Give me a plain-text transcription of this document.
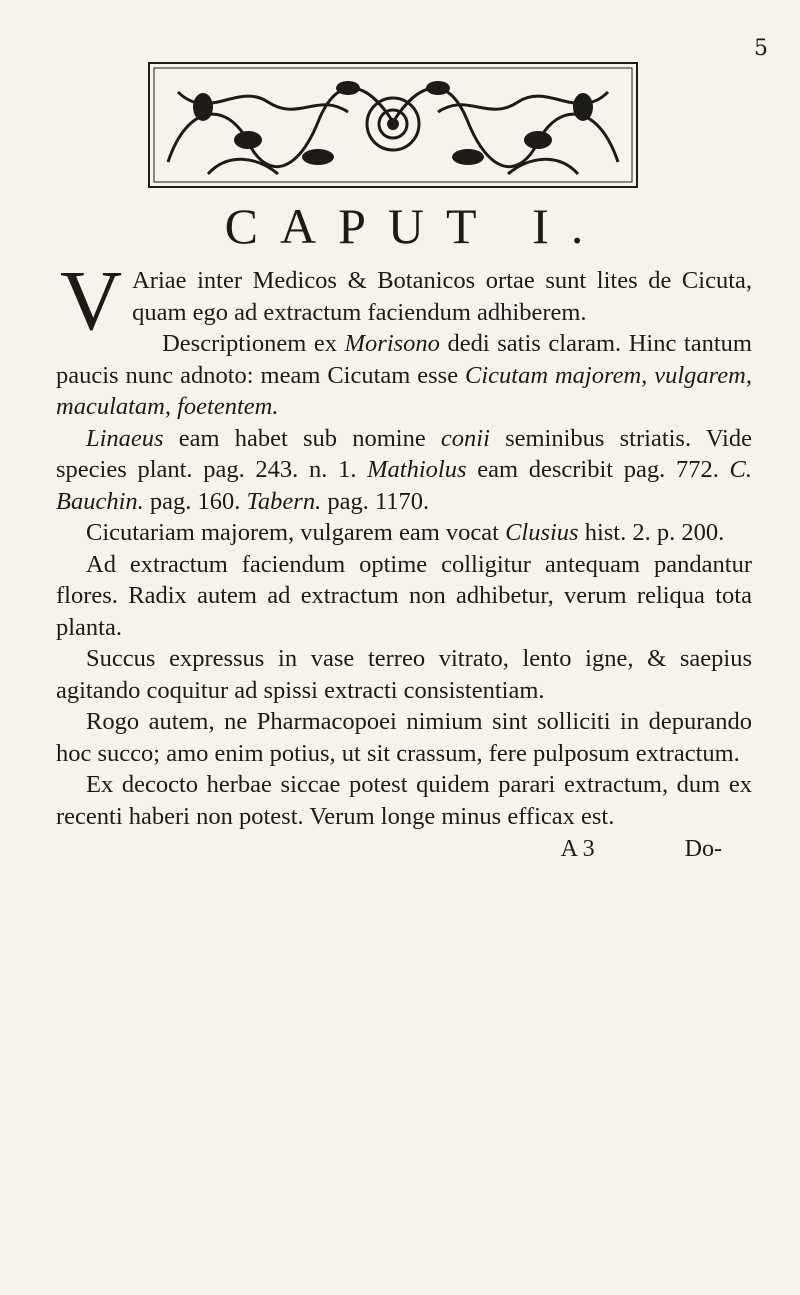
5
CAPUT I.

V Ariae inter Medicos & Botanicos ortae sunt lites de Cicuta, quam ego ad extractum faciendum adhiberem.

Descriptionem ex Morisono dedi satis claram. Hinc tantum paucis nunc adnoto: meam Cicutam esse Cicutam majorem, vulgarem, maculatam, foetentem.

Linaeus eam habet sub nomine conii seminibus striatis. Vide species plant. pag. 243. n. 1. Mathiolus eam describit pag. 772. C. Bauchin. pag. 160. Tabern. pag. 1170.

Cicutariam majorem, vulgarem eam vocat Clusius hist. 2. p. 200.

Ad extractum faciendum optime colligitur antequam pandantur flores. Radix autem ad extractum non adhibetur, verum reliqua tota planta.

Succus expressus in vase terreo vitrato, lento igne, & saepius agitando coquitur ad spissi extracti consistentiam.

Rogo autem, ne Pharmacopoei nimium sint solliciti in depurando hoc succo; amo enim potius, ut sit crassum, fere pulposum extractum.

Ex decocto herbae siccae potest quidem parari extractum, dum ex recenti haberi non potest. Verum longe minus efficax est.

A 3	Do-
